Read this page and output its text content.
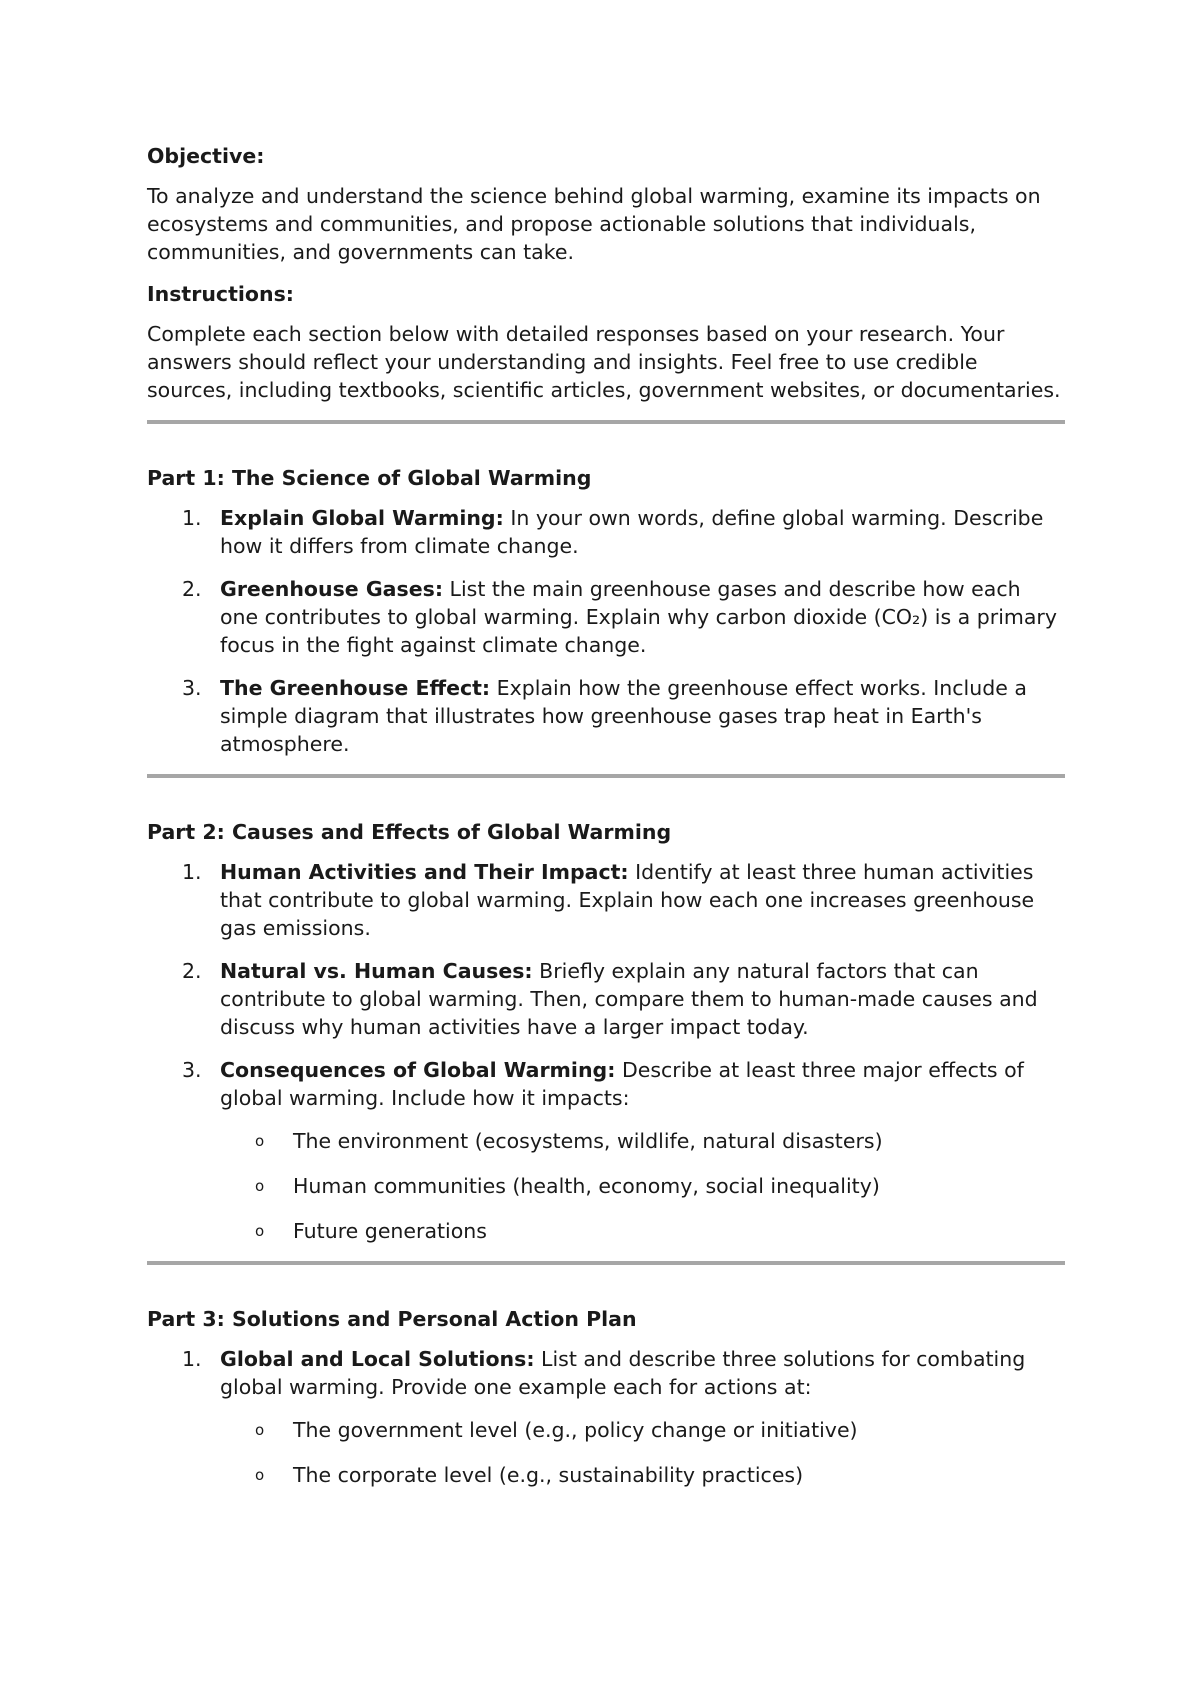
Objective:
To analyze and understand the science behind global warming, examine its impacts on ecosystems and communities, and propose actionable solutions that individuals, communities, and governments can take.
Instructions:
Complete each section below with detailed responses based on your research. Your answers should reflect your understanding and insights. Feel free to use credible sources, including textbooks, scientific articles, government websites, or documentaries.
Part 1: The Science of Global Warming
1. Explain Global Warming: In your own words, define global warming. Describe how it differs from climate change.
2. Greenhouse Gases: List the main greenhouse gases and describe how each one contributes to global warming. Explain why carbon dioxide (CO₂) is a primary focus in the fight against climate change.
3. The Greenhouse Effect: Explain how the greenhouse effect works. Include a simple diagram that illustrates how greenhouse gases trap heat in Earth's atmosphere.
Part 2: Causes and Effects of Global Warming
1. Human Activities and Their Impact: Identify at least three human activities that contribute to global warming. Explain how each one increases greenhouse gas emissions.
2. Natural vs. Human Causes: Briefly explain any natural factors that can contribute to global warming. Then, compare them to human-made causes and discuss why human activities have a larger impact today.
3. Consequences of Global Warming: Describe at least three major effects of global warming. Include how it impacts:
o The environment (ecosystems, wildlife, natural disasters)
o Human communities (health, economy, social inequality)
o Future generations
Part 3: Solutions and Personal Action Plan
1. Global and Local Solutions: List and describe three solutions for combating global warming. Provide one example each for actions at:
o The government level (e.g., policy change or initiative)
o The corporate level (e.g., sustainability practices)
